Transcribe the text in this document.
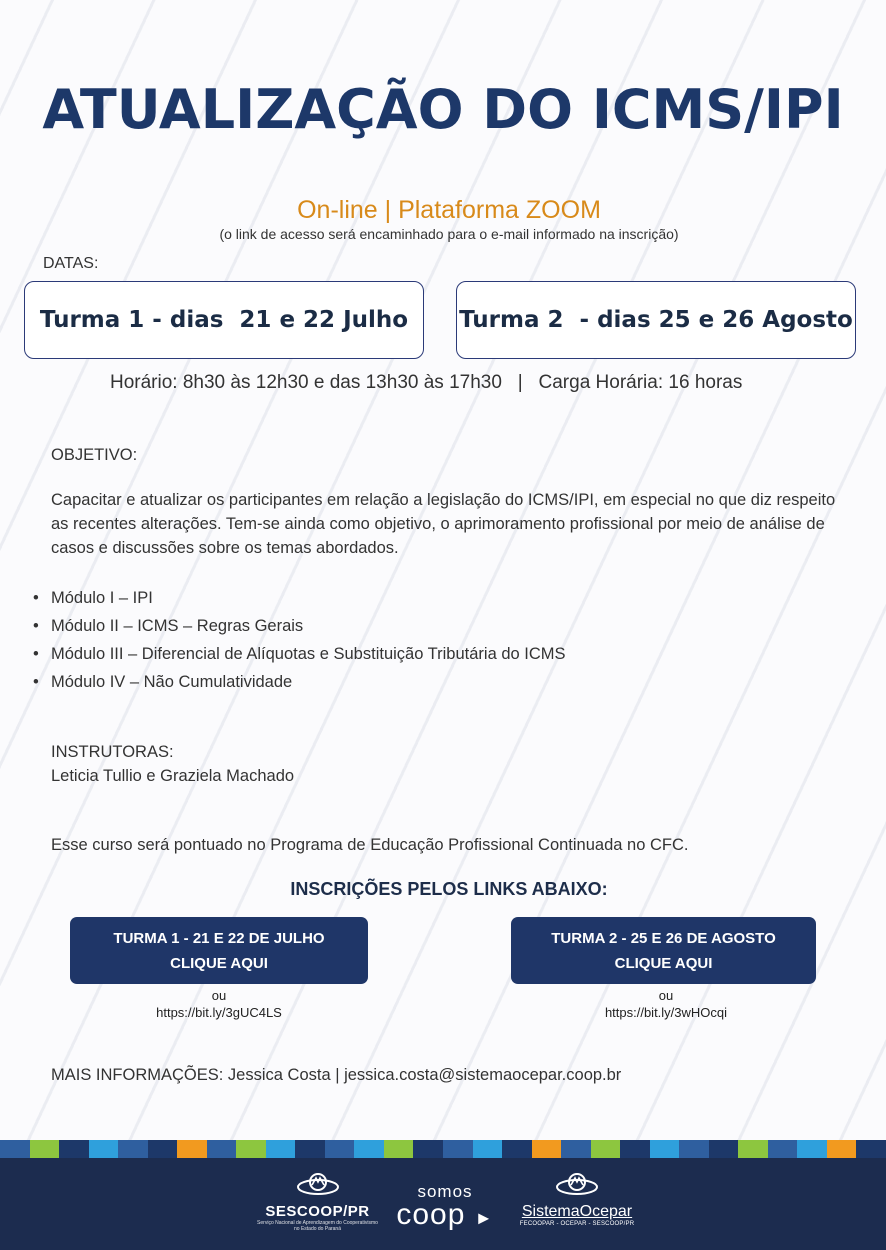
ATUALIZAÇÃO DO ICMS/IPI
On-line | Plataforma ZOOM
(o link de acesso será encaminhado para o e-mail informado na inscrição)
DATAS:
Turma 1 - dias  21 e 22 Julho Turma 2  - dias 25 e 26 Agosto
Horário: 8h30 às 12h30 e das 13h30 às 17h30   |   Carga Horária: 16 horas
OBJETIVO:
Capacitar e atualizar os participantes em relação a legislação do ICMS/IPI, em especial no que diz respeito as recentes alterações. Tem-se ainda como objetivo, o aprimoramento profissional por meio de análise de casos e discussões sobre os temas abordados.
• Módulo I – IPI
• Módulo II – ICMS – Regras Gerais
• Módulo III – Diferencial de Alíquotas e Substituição Tributária do ICMS
• Módulo IV – Não Cumulatividade
INSTRUTORAS:
Leticia Tullio e Graziela Machado
Esse curso será pontuado no Programa de Educação Profissional Continuada no CFC.
INSCRIÇÕES PELOS LINKS ABAIXO:
TURMA 1 - 21 E 22 DE JULHO
CLIQUE AQUI
TURMA 2 - 25 E 26 DE AGOSTO
CLIQUE AQUI
ou	ou
https://bit.ly/3gUC4LS	https://bit.ly/3wHOcqi
MAIS INFORMAÇÕES: Jessica Costa | jessica.costa@sistemaocepar.coop.br
SESCOOP/PR
Serviço Nacional de Aprendizagem do Cooperativismo no Estado do Paraná
somos
coop ►	SistemaOcepar
FECOOPAR - OCEPAR - SESCOOP/PR
